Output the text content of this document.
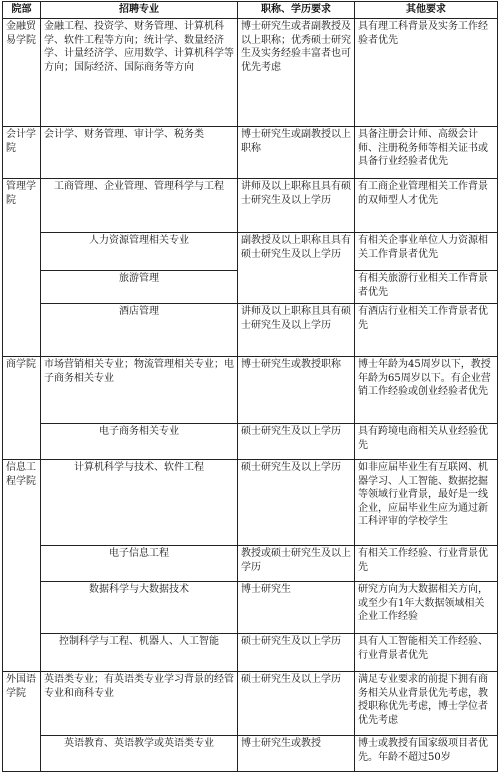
院部	招聘专业	职称、学历要求	其他要求
金融贸易学院	金融工程、投资学、财务管理、计算机科学、软件工程等方向；统计学、数量经济学、计量经济学、应用数学、计算机科学等方向；国际经济、国际商务等方向	博士研究生或者副教授及以上职称；优秀硕士研究生及实务经验丰富者也可优先考虑	具有理工科背景及实务工作经验者优先
会计学院	会计学、财务管理、审计学、税务类	博士研究生或副教授以上职称	具备注册会计师、高级会计师、注册税务师等相关证书或具备行业经验者优先
管理学院	工商管理、企业管理、管理科学与工程	讲师及以上职称且具有硕士研究生及以上学历	有工商企业管理相关工作背景的双师型人才优先
	人力资源管理相关专业	副教授及以上职称且具有硕士研究生及以上学历	有相关企事业单位人力资源相关工作背景者优先
	旅游管理		有相关旅游行业相关工作背景者优先
	酒店管理	讲师及以上职称且具有硕士研究生及以上学历	有酒店行业相关工作背景者优先
商学院	市场营销相关专业；物流管理相关专业；电子商务相关专业	博士研究生或教授职称	博士年龄为45周岁以下，教授年龄为65周岁以下。有企业营销工作经验或创业经验者优先
	电子商务相关专业	硕士研究生及以上学历	具有跨境电商相关从业经验优先
信息工程学院	计算机科学与技术、软件工程	硕士研究生及以上学历	如非应届毕业生有互联网、机器学习、人工智能、数据挖掘等领域行业背景，最好是一线企业，应届毕业生应为通过新工科评审的学校学生
	电子信息工程	教授或硕士研究生及以上学历	有相关工作经验、行业背景优先
	数据科学与大数据技术	博士研究生	研究方向为大数据相关方向，或至少有1年大数据领域相关企业工作经验
	控制科学与工程、机器人、人工智能	硕士研究生及以上学历	具有人工智能相关工作经验、行业背景者优先
外国语学院	英语类专业；有英语类专业学习背景的经管专业和商科专业	硕士研究生及以上学历	满足专业要求的前提下拥有商务相关从业背景优先考虑，教授职称优先考虑，博士学位者优先考虑
	英语教育、英语教学或英语类专业	博士研究生或教授	博士或教授有国家级项目者优先。年龄不超过50岁
